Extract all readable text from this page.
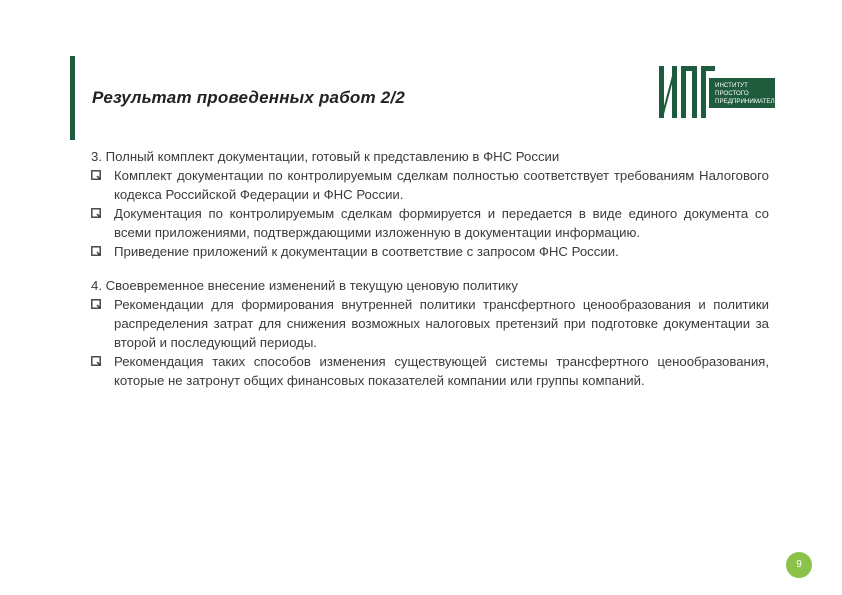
Результат проведенных работ 2/2
ИНСТИТУТ
ПРОСТОГО
ПРЕДПРИНИМАТЕЛЬСТВА

3. Полный комплект документации, готовый к представлению в ФНС России

Комплект документации по контролируемым сделкам полностью соответствует требованиям Налогового кодекса Российской Федерации и ФНС России.
Документация по контролируемым сделкам формируется и передается в виде единого документа со всеми приложениями, подтверждающими изложенную в документации информацию.
Приведение приложений к документации в соответствие с запросом ФНС России.

4. Своевременное внесение изменений в текущую ценовую политику

Рекомендации для формирования внутренней политики трансфертного ценообразования и политики распределения затрат для снижения возможных налоговых претензий при подготовке документации за второй и последующий периоды.
Рекомендация таких способов изменения существующей системы трансфертного ценообразования, которые не затронут общих финансовых показателей компании или группы компаний.
9
